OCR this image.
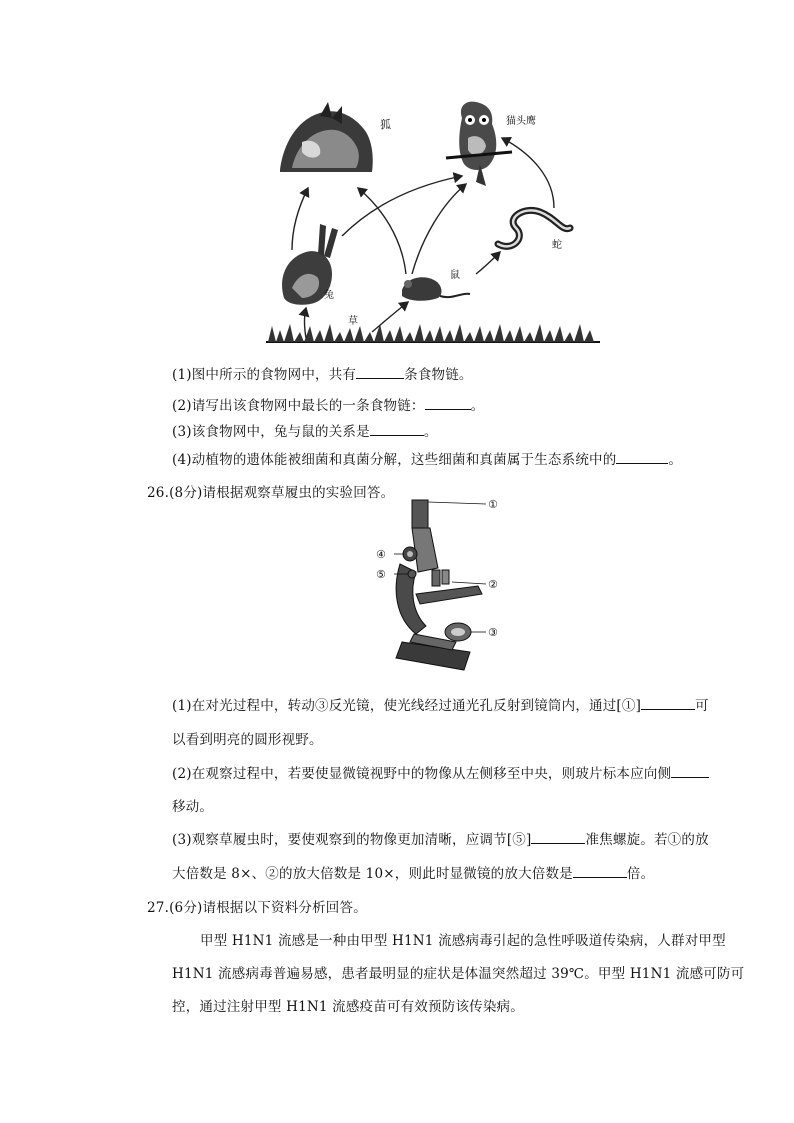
狐	猫头鹰
蛇
兔
鼠
草
(1)图中所示的食物网中，共有	条食物链。
(2)请写出该食物网中最长的一条食物链：	。
(3)该食物网中，兔与鼠的关系是	。
(4)动植物的遗体能被细菌和真菌分解，这些细菌和真菌属于生态系统中的	。
26.(8分)请根据观察草履虫的实验回答。
①
②
③
④
⑤
(1)在对光过程中，转动③反光镜，使光线经过通光孔反射到镜筒内，通过[①]	可
以看到明亮的圆形视野。
(2)在观察过程中，若要使显微镜视野中的物像从左侧移至中央，则玻片标本应向侧
移动。
(3)观察草履虫时，要使观察到的物像更加清晰，应调节[⑤]	准焦螺旋。若①的放
大倍数是 8×、②的放大倍数是 10×，则此时显微镜的放大倍数是	倍。
27.(6分)请根据以下资料分析回答。
甲型 H1N1 流感是一种由甲型 H1N1 流感病毒引起的急性呼吸道传染病，人群对甲型
H1N1 流感病毒普遍易感，患者最明显的症状是体温突然超过 39℃。甲型 H1N1 流感可防可
控，通过注射甲型 H1N1 流感疫苗可有效预防该传染病。
